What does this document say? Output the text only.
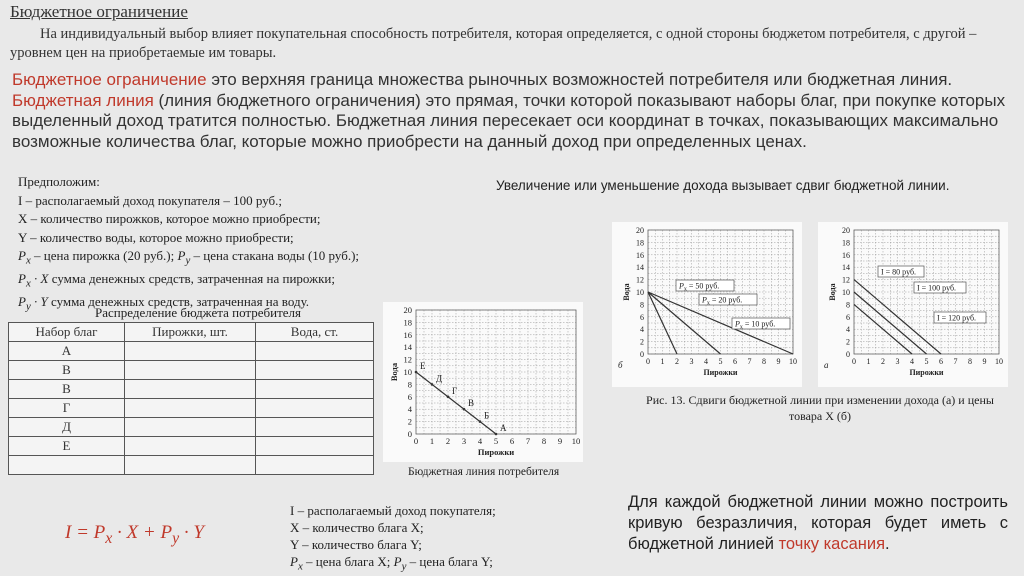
Бюджетное ограничение
На индивидуальный выбор влияет покупательная способность потребителя, которая определяется, с одной стороны бюджетом потребителя, с другой – уровнем цен на приобретаемые им товары.
Бюджетное ограничение это верхняя граница множества рыночных возможностей потребителя или бюджетная линия.
Бюджетная линия (линия бюджетного ограничения) это прямая, точки которой показывают наборы благ, при покупке которых выделенный доход тратится полностью. Бюджетная линия пересекает оси координат в точках, показывающих максимально возможные количества благ, которые можно приобрести на данный доход при определенных ценах.
Предположим:
I – располагаемый доход покупателя – 100 руб.;
X – количество пирожков, которое можно приобрести;
Y – количество воды, которое можно приобрести;
$P_x$ – цена пирожка (20 руб.); $P_y$ – цена стакана воды (10 руб.);
$P_x \cdot X$ сумма денежных средств, затраченная на пирожки;
$P_y \cdot Y$ сумма денежных средств, затраченная на воду.
Увеличение или уменьшение дохода вызывает сдвиг бюджетной линии.
Распределение бюджета потребителя
Набор благ	Пирожки, шт.	Вода, ст.
А		
В		
В		
Г		
Д		
Е		
			0 1 2 3 4 5 6 7 8 9 10
0
2
4
6
8
10
12
14
16
18
20
Пирожки
Вода Е
Д
Г
В
Б
А
Бюджетная линия потребителя
0 1 2 3 4 5 6 7 8 9 10
0
2
4
6
8
10
12
14
16
18
20
Пирожки
Вода	$P_x = 50$ руб.
$P_x = 20$ руб.
$P_x = 10$ руб.
б	0 1 2 3 4 5 6 7 8 9 10
0
2
4
6
8
10
12
14
16
18
20
Пирожки
Вода
I = 80 руб.
I = 100 руб.
I = 120 руб.
а
Рис. 13. Сдвиги бюджетной линии при изменении дохода (а) и цены товара X (б)
$I = P_x \cdot X + P_y \cdot Y$
I – располагаемый доход покупателя;
X – количество блага X;
Y – количество блага Y;
$P_x$ – цена блага X; $P_y$ – цена блага Y;
Для каждой бюджетной линии можно построить кривую безразличия, которая будет иметь с бюджетной линией точку касания.
